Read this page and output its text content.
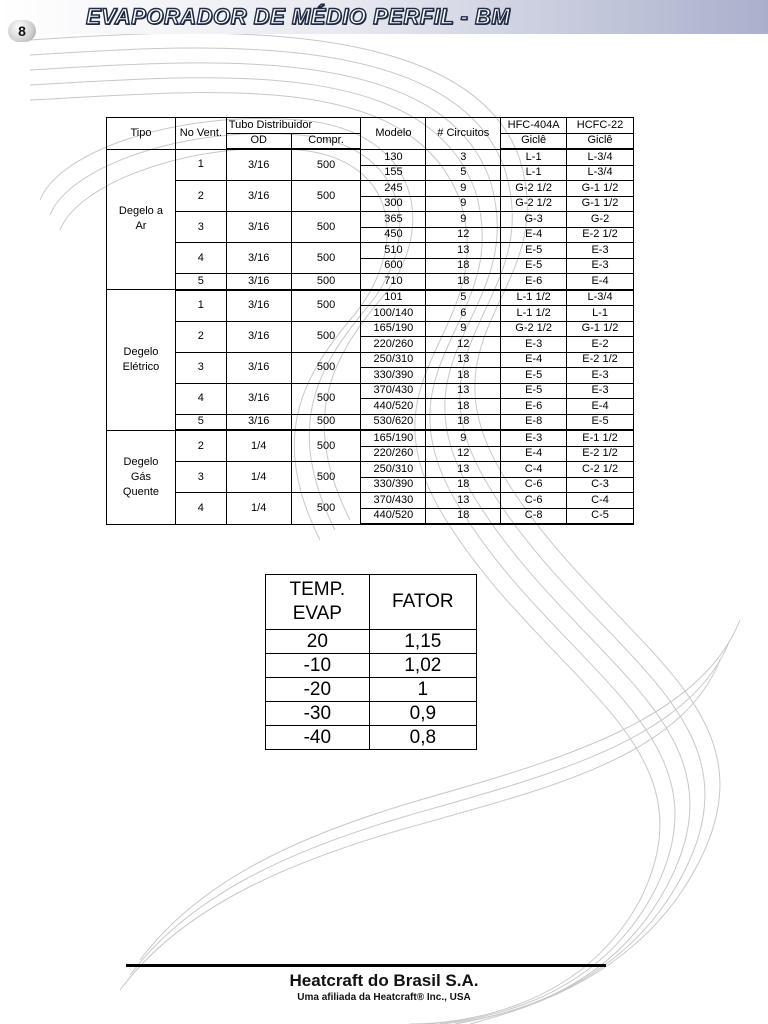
8
EVAPORADOR DE MÉDIO PERFIL - BM
Tipo	No Vent.	Tubo Distribuidor		Modelo	# Circuitos	HFC-404A	HCFC-22
		OD	Compr.			Giclê	Giclê
Degelo a Ar	1	3/16	500	130	3	L-1	L-3/4
				155	5	L-1	L-3/4
	2	3/16	500	245	9	G-2 1/2	G-1 1/2
				300	9	G-2 1/2	G-1 1/2
	3	3/16	500	365	9	G-3	G-2
				450	12	E-4	E-2 1/2
	4	3/16	500	510	13	E-5	E-3
				600	18	E-5	E-3
	5	3/16	500	710	18	E-6	E-4
Degelo Elétrico	1	3/16	500	101	5	L-1 1/2	L-3/4
				100/140	6	L-1 1/2	L-1
	2	3/16	500	165/190	9	G-2 1/2	G-1 1/2
				220/260	12	E-3	E-2
	3	3/16	500	250/310	13	E-4	E-2 1/2
				330/390	18	E-5	E-3
	4	3/16	500	370/430	13	E-5	E-3
				440/520	18	E-6	E-4
	5	3/16	500	530/620	18	E-8	E-5
Degelo Gás Quente	2	1/4	500	165/190	9	E-3	E-1 1/2
				220/260	12	E-4	E-2 1/2
	3	1/4	500	250/310	13	C-4	C-2 1/2
				330/390	18	C-6	C-3
	4	1/4	500	370/430	13	C-6	C-4
				440/520	18	C-8	C-5
TEMP. EVAP	FATOR
20	1,15
-10	1,02
-20	1
-30	0,9
-40	0,8
Heatcraft do Brasil S.A.
Uma afiliada da Heatcraft® Inc., USA
